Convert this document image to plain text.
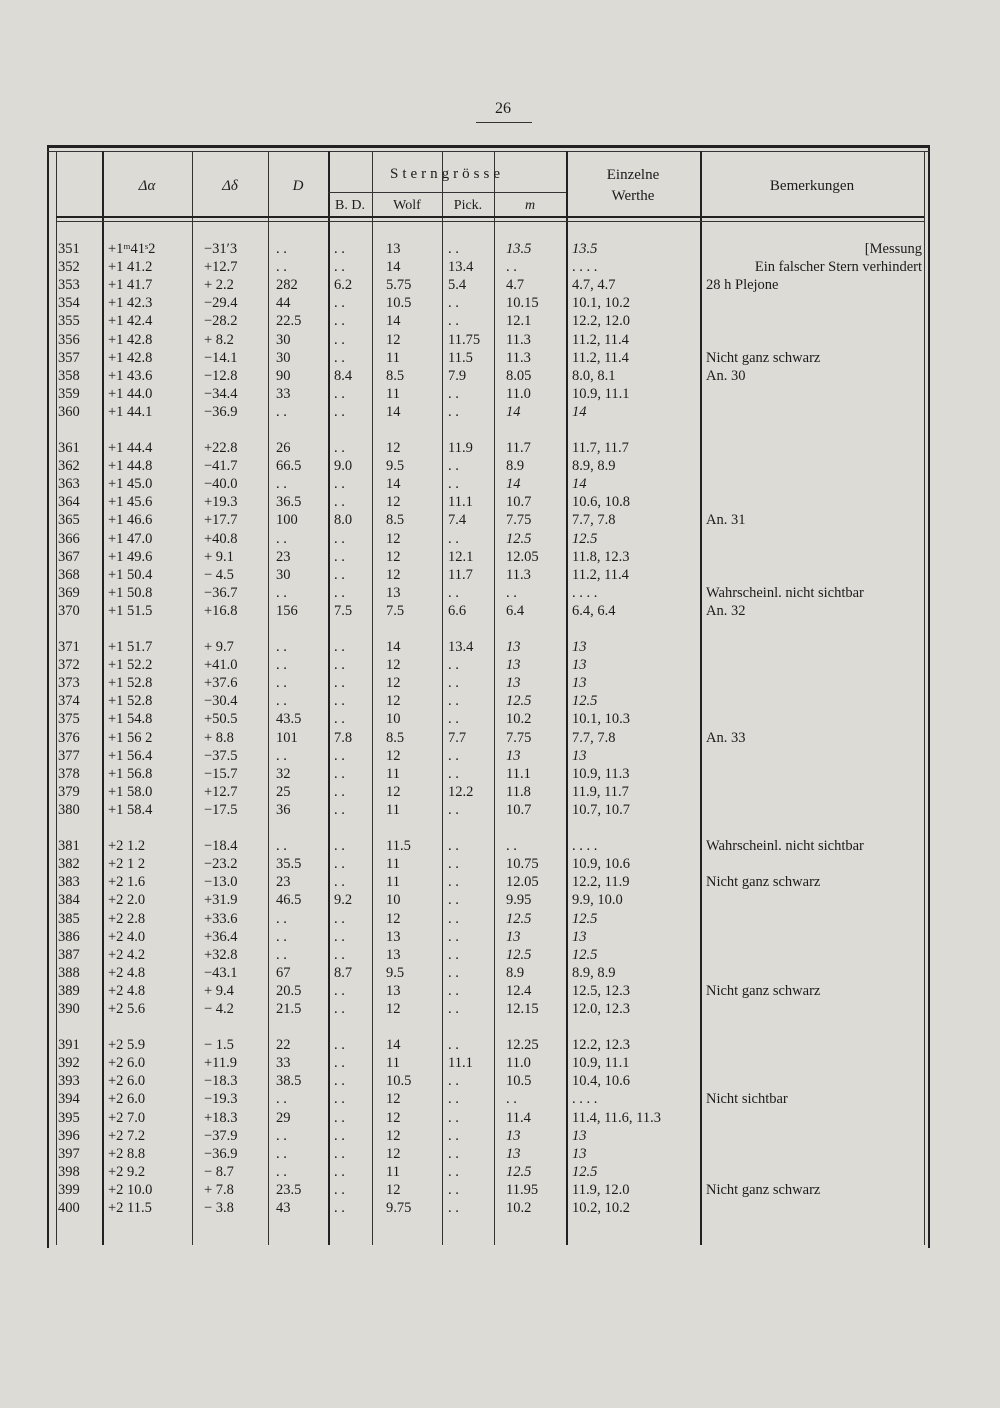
26
Δα	Δδ	D
Sterngrösse
B. D.	Wolf	Pick.	m
Einzelne
Werthe
Bemerkungen
351	+1ᵐ41ˢ2	−31′3	. .	. .	13	. .	13.5	13.5	[Messung
352	+1 41.2	+12.7	. .	. .	14	13.4	. .	. . . .	Ein falscher Stern verhindert
353	+1 41.7	+ 2.2	282	6.2	5.75	5.4	4.7	4.7, 4.7	28 h Plejone
354	+1 42.3	−29.4	44	. .	10.5	. .	10.15	10.1, 10.2	
355	+1 42.4	−28.2	22.5	. .	14	. .	12.1	12.2, 12.0	
356	+1 42.8	+ 8.2	30	. .	12	11.75	11.3	11.2, 11.4	
357	+1 42.8	−14.1	30	. .	11	11.5	11.3	11.2, 11.4	Nicht ganz schwarz
358	+1 43.6	−12.8	90	8.4	8.5	7.9	8.05	8.0, 8.1	An. 30
359	+1 44.0	−34.4	33	. .	11	. .	11.0	10.9, 11.1	
360	+1 44.1	−36.9	. .	. .	14	. .	14	14	

361	+1 44.4	+22.8	26	. .	12	11.9	11.7	11.7, 11.7	
362	+1 44.8	−41.7	66.5	9.0	9.5	. .	8.9	8.9, 8.9	
363	+1 45.0	−40.0	. .	. .	14	. .	14	14	
364	+1 45.6	+19.3	36.5	. .	12	11.1	10.7	10.6, 10.8	
365	+1 46.6	+17.7	100	8.0	8.5	7.4	7.75	7.7, 7.8	An. 31
366	+1 47.0	+40.8	. .	. .	12	. .	12.5	12.5	
367	+1 49.6	+ 9.1	23	. .	12	12.1	12.05	11.8, 12.3	
368	+1 50.4	− 4.5	30	. .	12	11.7	11.3	11.2, 11.4	
369	+1 50.8	−36.7	. .	. .	13	. .	. .	. . . .	Wahrscheinl. nicht sichtbar
370	+1 51.5	+16.8	156	7.5	7.5	6.6	6.4	6.4, 6.4	An. 32

371	+1 51.7	+ 9.7	. .	. .	14	13.4	13	13	
372	+1 52.2	+41.0	. .	. .	12	. .	13	13	
373	+1 52.8	+37.6	. .	. .	12	. .	13	13	
374	+1 52.8	−30.4	. .	. .	12	. .	12.5	12.5	
375	+1 54.8	+50.5	43.5	. .	10	. .	10.2	10.1, 10.3	
376	+1 56 2	+ 8.8	101	7.8	8.5	7.7	7.75	7.7, 7.8	An. 33
377	+1 56.4	−37.5	. .	. .	12	. .	13	13	
378	+1 56.8	−15.7	32	. .	11	. .	11.1	10.9, 11.3	
379	+1 58.0	+12.7	25	. .	12	12.2	11.8	11.9, 11.7	
380	+1 58.4	−17.5	36	. .	11	. .	10.7	10.7, 10.7	

381	+2 1.2	−18.4	. .	. .	11.5	. .	. .	. . . .	Wahrscheinl. nicht sichtbar
382	+2 1 2	−23.2	35.5	. .	11	. .	10.75	10.9, 10.6	
383	+2 1.6	−13.0	23	. .	11	. .	12.05	12.2, 11.9	Nicht ganz schwarz
384	+2 2.0	+31.9	46.5	9.2	10	. .	9.95	9.9, 10.0	
385	+2 2.8	+33.6	. .	. .	12	. .	12.5	12.5	
386	+2 4.0	+36.4	. .	. .	13	. .	13	13	
387	+2 4.2	+32.8	. .	. .	13	. .	12.5	12.5	
388	+2 4.8	−43.1	67	8.7	9.5	. .	8.9	8.9, 8.9	
389	+2 4.8	+ 9.4	20.5	. .	13	. .	12.4	12.5, 12.3	Nicht ganz schwarz
390	+2 5.6	− 4.2	21.5	. .	12	. .	12.15	12.0, 12.3	

391	+2 5.9	− 1.5	22	. .	14	. .	12.25	12.2, 12.3	
392	+2 6.0	+11.9	33	. .	11	11.1	11.0	10.9, 11.1	
393	+2 6.0	−18.3	38.5	. .	10.5	. .	10.5	10.4, 10.6	
394	+2 6.0	−19.3	. .	. .	12	. .	. .	. . . .	Nicht sichtbar
395	+2 7.0	+18.3	29	. .	12	. .	11.4	11.4, 11.6, 11.3	
396	+2 7.2	−37.9	. .	. .	12	. .	13	13	
397	+2 8.8	−36.9	. .	. .	12	. .	13	13	
398	+2 9.2	− 8.7	. .	. .	11	. .	12.5	12.5	
399	+2 10.0	+ 7.8	23.5	. .	12	. .	11.95	11.9, 12.0	Nicht ganz schwarz
400	+2 11.5	− 3.8	43	. .	9.75	. .	10.2	10.2, 10.2	
